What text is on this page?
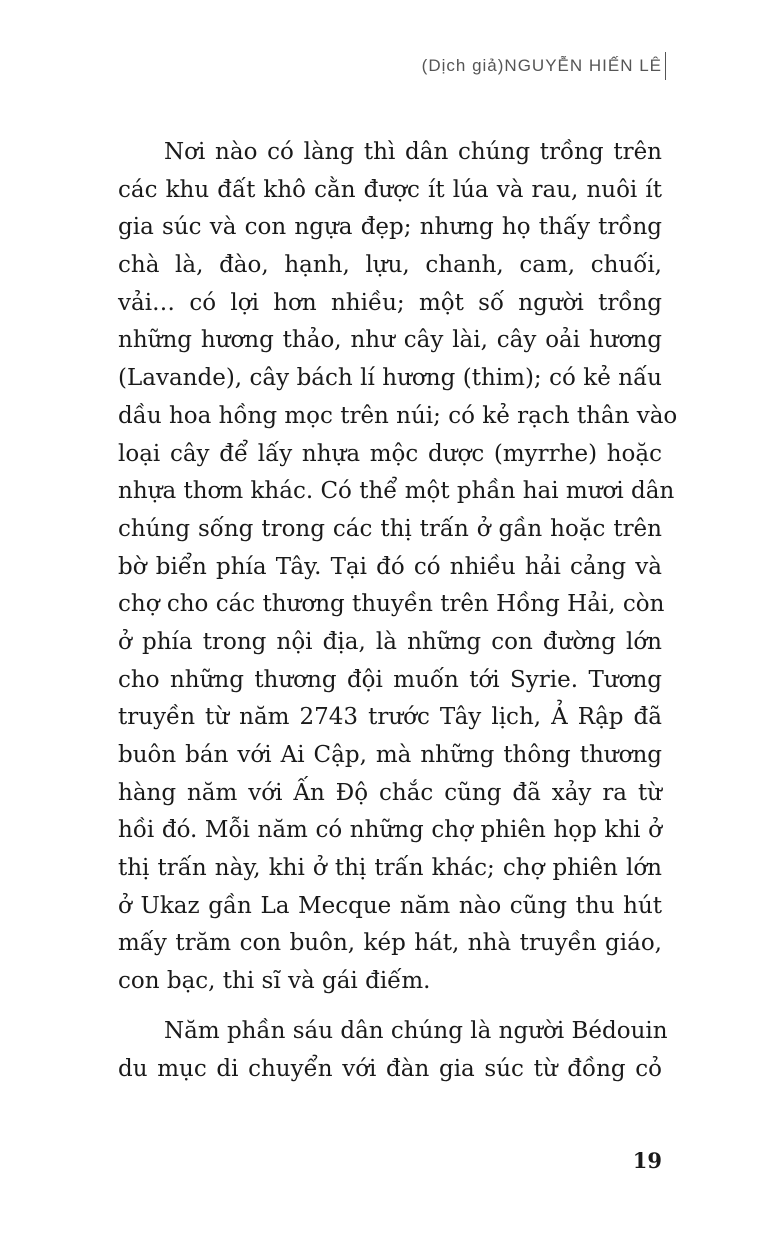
(Dịch giả)NGUYỄN HIẾN LÊ
Nơi nào có làng thì dân chúng trồng trên
các khu đất khô cằn được ít lúa và rau, nuôi ít
gia súc và con ngựa đẹp; nhưng họ thấy trồng
chà là, đào, hạnh, lựu, chanh, cam, chuối,
vải… có lợi hơn nhiều; một số người trồng
những hương thảo, như cây lài, cây oải hương
(Lavande), cây bách lí hương (thim); có kẻ nấu
dầu hoa hồng mọc trên núi; có kẻ rạch thân vào
loại cây để lấy nhựa mộc dược (myrrhe) hoặc
nhựa thơm khác. Có thể một phần hai mươi dân
chúng sống trong các thị trấn ở gần hoặc trên
bờ biển phía Tây. Tại đó có nhiều hải cảng và
chợ cho các thương thuyền trên Hồng Hải, còn
ở phía trong nội địa, là những con đường lớn
cho những thương đội muốn tới Syrie. Tương
truyền từ năm 2743 trước Tây lịch, Ả Rập đã
buôn bán với Ai Cập, mà những thông thương
hàng năm với Ấn Độ chắc cũng đã xảy ra từ
hồi đó. Mỗi năm có những chợ phiên họp khi ở
thị trấn này, khi ở thị trấn khác; chợ phiên lớn
ở Ukaz gần La Mecque năm nào cũng thu hút
mấy trăm con buôn, kép hát, nhà truyền giáo,
con bạc, thi sĩ và gái điếm.
Năm phần sáu dân chúng là người Bédouin
du mục di chuyển với đàn gia súc từ đồng cỏ
19
